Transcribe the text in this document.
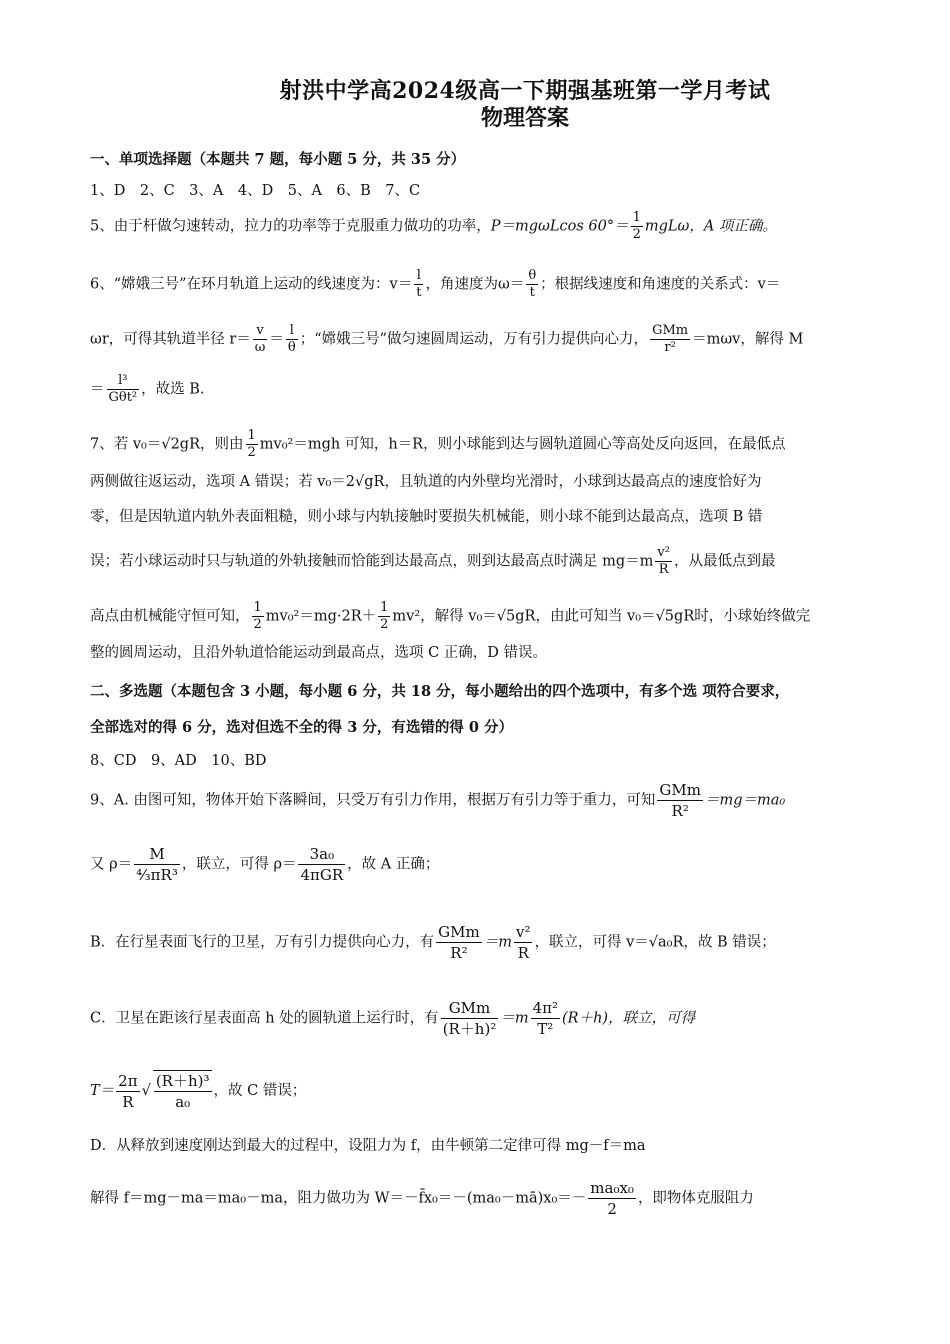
射洪中学高2024级高一下期强基班第一学月考试
物理答案
一、单项选择题（本题共 7 题，每小题 5 分，共 35 分）
1、D　2、C　3、A　4、D　5、A　6、B　7、C
5、由于杆做匀速转动，拉力的功率等于克服重力做功的功率，P＝mgωLcos $60^\circ= \frac{1}{2}$ mgLω，A 项正确。
6、“嫦娥三号”在环月轨道上运动的线速度为：$v= \frac{l}{t}$ ，角速度为$\omega= \frac{\theta}{t}$ ；根据线速度和角速度的关系式：v＝
ωr，可得其轨道半径 $r= \frac{v}{\omega} = \frac{l}{\theta}$ ；“嫦娥三号”做匀速圆周运动，万有引力提供向心力， $\frac{\text{GMm}}{\text{r²}} =m\omega v$，解得 M
＝ $\frac{\text{l³}}{\text{Gθt²}}$ ，故选 B.
7、若 v₀＝√2gR，则由 $\frac{1}{2} mv_0^2=mgh$ 可知，h＝R，则小球能到达与圆轨道圆心等高处反向返回，在最低点
两侧做往返运动，选项 A 错误；若 v₀＝2√gR，且轨道的内外壁均光滑时，小球到达最高点的速度恰好为
零，但是因轨道内轨外表面粗糙，则小球与内轨接触时要损失机械能，则小球不能到达最高点，选项 B 错
误；若小球运动时只与轨道的外轨接触而恰能到达最高点，则到达最高点时满足 $mg=m \frac{\text{v²}}{R}$ ，从最低点到最
高点由机械能守恒可知， $\frac{1}{2} mv_0^2=mg\cdot 2R+ \frac{1}{2} mv^2$，解得 v₀＝√5gR，由此可知当 v₀＝√5gR时，小球始终做完
整的圆周运动，且沿外轨道恰能运动到最高点，选项 C 正确，D 错误。
二、多选题（本题包含 3 小题，每小题 6 分，共 18 分，每小题给出的四个选项中，有多个选 项符合要求，
全部选对的得 6 分，选对但选不全的得 3 分，有选错的得 0 分）
8、CD　9、AD　10、BD
9、A. 由图可知，物体开始下落瞬间，只受万有引力作用，根据万有引力等于重力，可知 $\frac{\text{GMm}}{\text{R²}} =mg=ma_0$
又 $\rho= \frac{M}{\text{⁴⁄₃πR³}}$ ，联立，可得 $\rho= \frac{\text{3a₀}}{\text{4πGR}}$ ，故 A 正确；
B．在行星表面飞行的卫星，万有引力提供向心力，有 $\frac{\text{GMm}}{\text{R²}} =m \frac{\text{v²}}{R}$ ，联立，可得 v＝√a₀R，故 B 错误；
C．卫星在距该行星表面高 h 处的圆轨道上运行时，有 $\frac{\text{GMm}}{\text{(R＋h)²}} =m \frac{\text{4π²}}{\text{T²}} (R+h)$，联立，可得
$T= \frac{2\pi}{R}$ √ $\frac{\text{(R＋h)³}}{\text{a₀}}$ ，故 C 错误；
D．从释放到速度刚达到最大的过程中，设阻力为 f，由牛顿第二定律可得 mg－f＝ma
解得 f＝mg－ma＝ma₀－ma，阻力做功为 W＝－f̄x₀＝－(ma₀－mā)x₀＝－ $\frac{\text{ma₀x₀}}{2}$ ，即物体克服阻力
